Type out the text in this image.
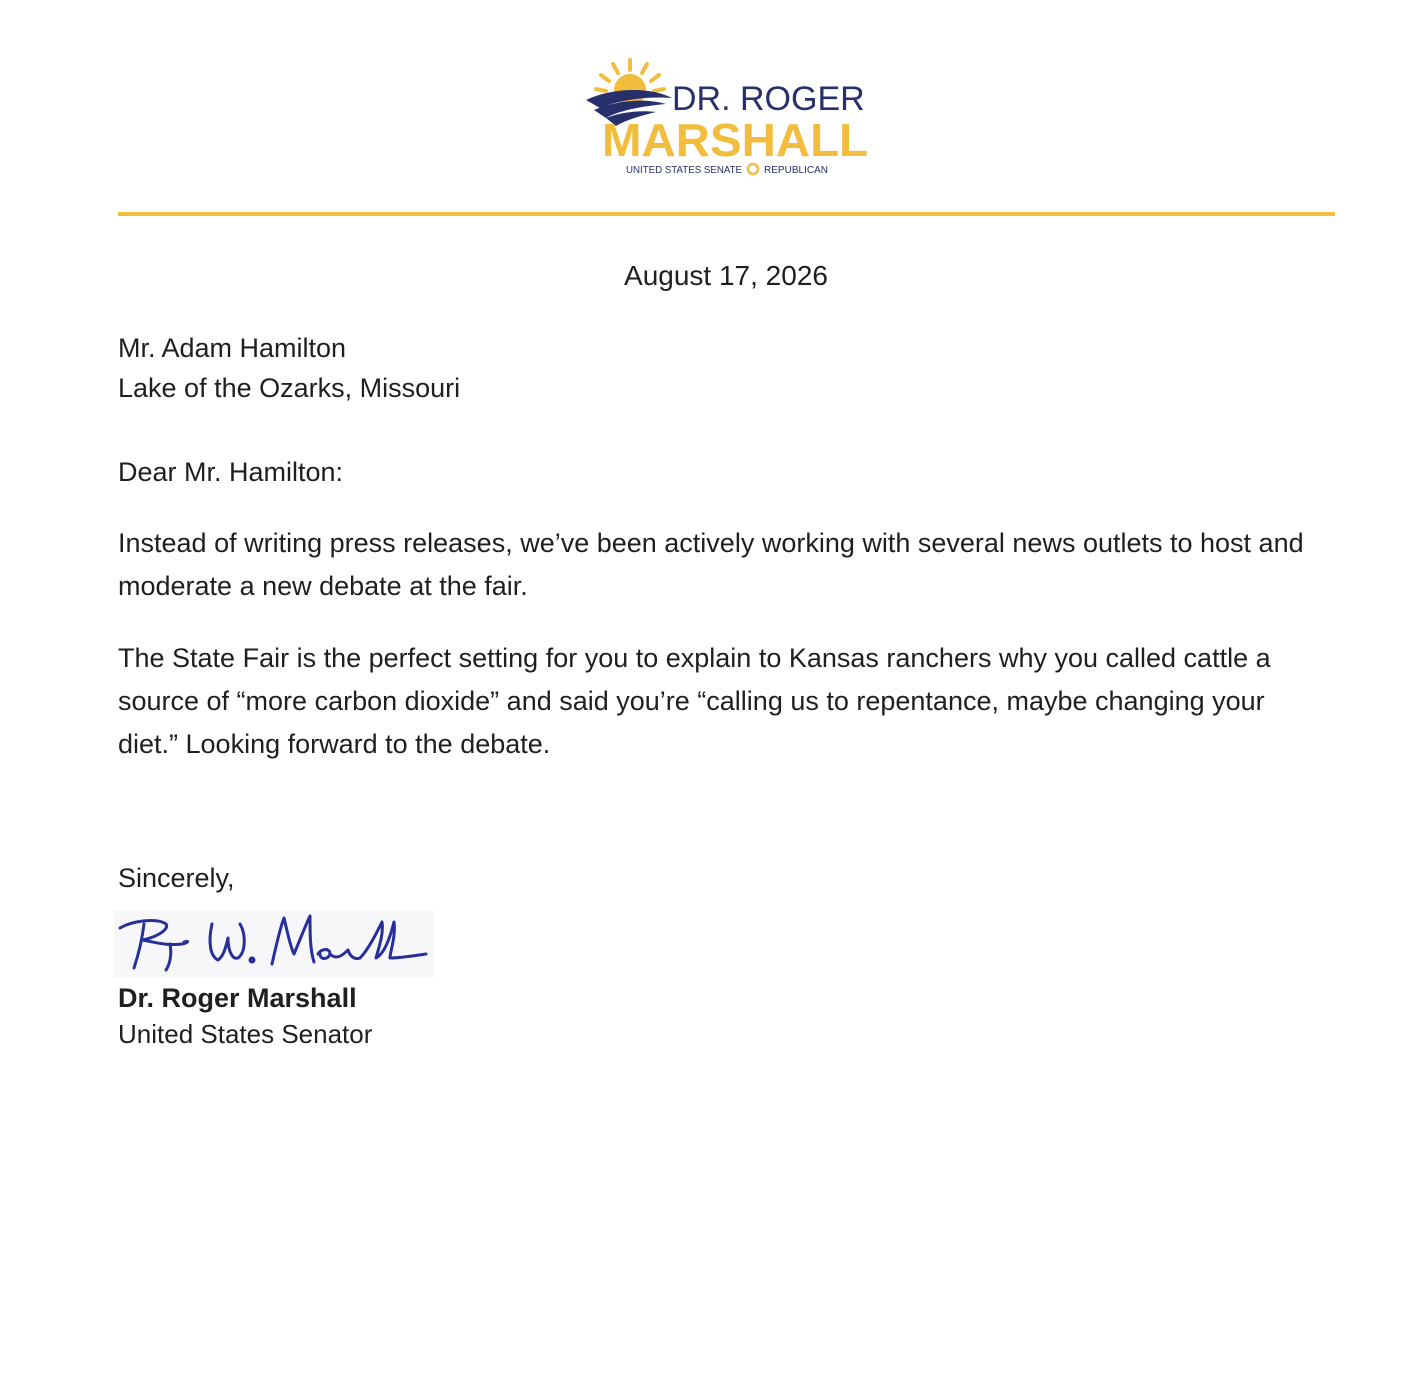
DR. ROGER
MARSHALL
UNITED STATES SENATE REPUBLICAN
August 17, 2026
Mr. Adam Hamilton
Lake of the Ozarks, Missouri
Dear Mr. Hamilton:

Instead of writing press releases, we’ve been actively working with several news outlets to host and moderate a new debate at the fair.

The State Fair is the perfect setting for you to explain to Kansas ranchers why you called cattle a source of “more carbon dioxide” and said you’re “calling us to repentance, maybe changing your diet.” Looking forward to the debate.

Sincerely,
Dr. Roger Marshall
United States Senator
